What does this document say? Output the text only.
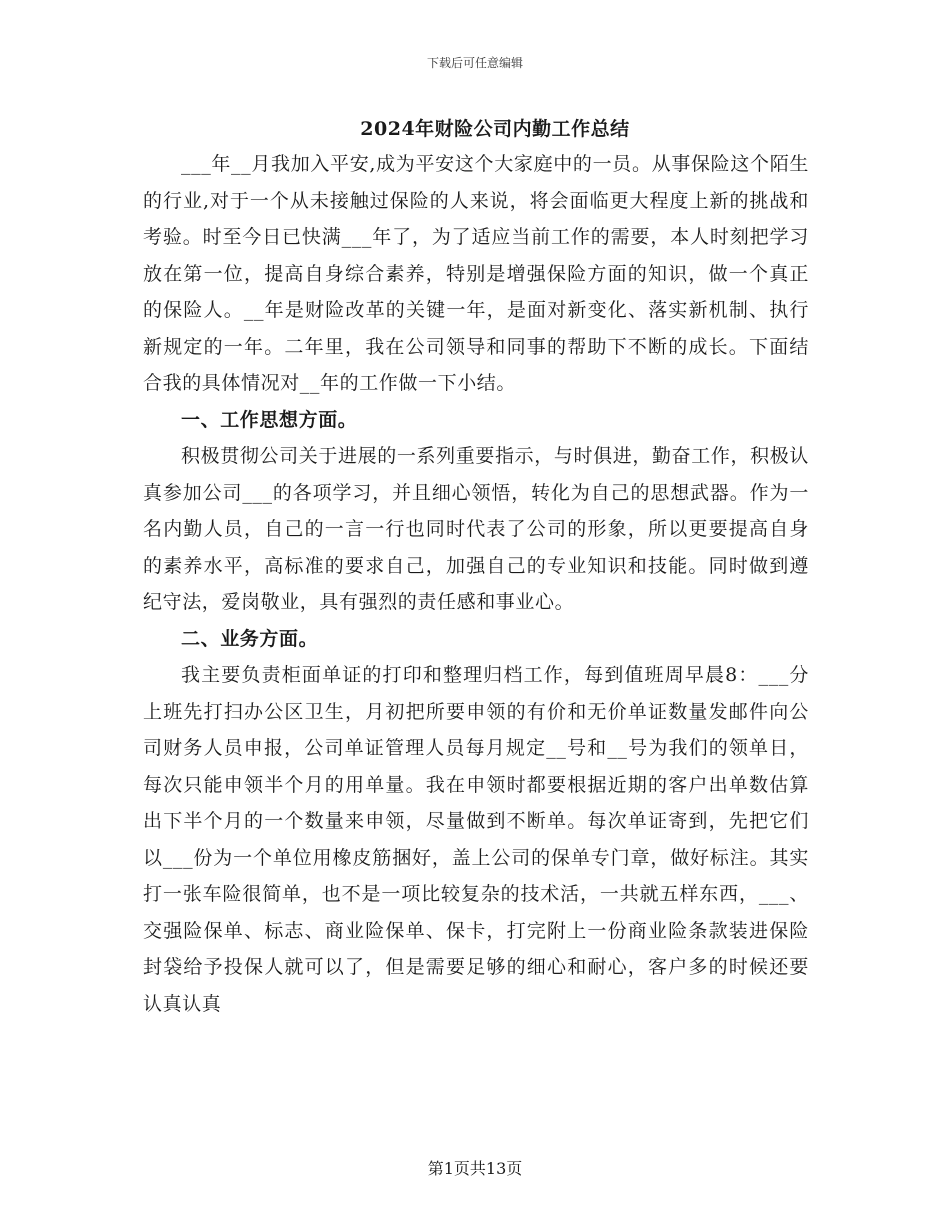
下载后可任意编辑
2024年财险公司内勤工作总结

___年__月我加入平安,成为平安这个大家庭中的一员。从事保险这个陌生的行业,对于一个从未接触过保险的人来说，将会面临更大程度上新的挑战和考验。时至今日已快满___年了，为了适应当前工作的需要，本人时刻把学习放在第一位，提高自身综合素养，特别是增强保险方面的知识，做一个真正的保险人。__年是财险改革的关键一年，是面对新变化、落实新机制、执行新规定的一年。二年里，我在公司领导和同事的帮助下不断的成长。下面结合我的具体情况对__年的工作做一下小结。

一、工作思想方面。

积极贯彻公司关于进展的一系列重要指示，与时俱进，勤奋工作，积极认真参加公司___的各项学习，并且细心领悟，转化为自己的思想武器。作为一名内勤人员，自己的一言一行也同时代表了公司的形象，所以更要提高自身的素养水平，高标准的要求自己，加强自己的专业知识和技能。同时做到遵纪守法，爱岗敬业，具有强烈的责任感和事业心。

二、业务方面。

我主要负责柜面单证的打印和整理归档工作，每到值班周早晨8：___分上班先打扫办公区卫生，月初把所要申领的有价和无价单证数量发邮件向公司财务人员申报，公司单证管理人员每月规定__号和__号为我们的领单日，每次只能申领半个月的用单量。我在申领时都要根据近期的客户出单数估算出下半个月的一个数量来申领，尽量做到不断单。每次单证寄到，先把它们以___份为一个单位用橡皮筋捆好，盖上公司的保单专门章，做好标注。其实打一张车险很简单，也不是一项比较复杂的技术活，一共就五样东西，___、交强险保单、标志、商业险保单、保卡，打完附上一份商业险条款装进保险封袋给予投保人就可以了，但是需要足够的细心和耐心，客户多的时候还要认真认真

第1页共13页
